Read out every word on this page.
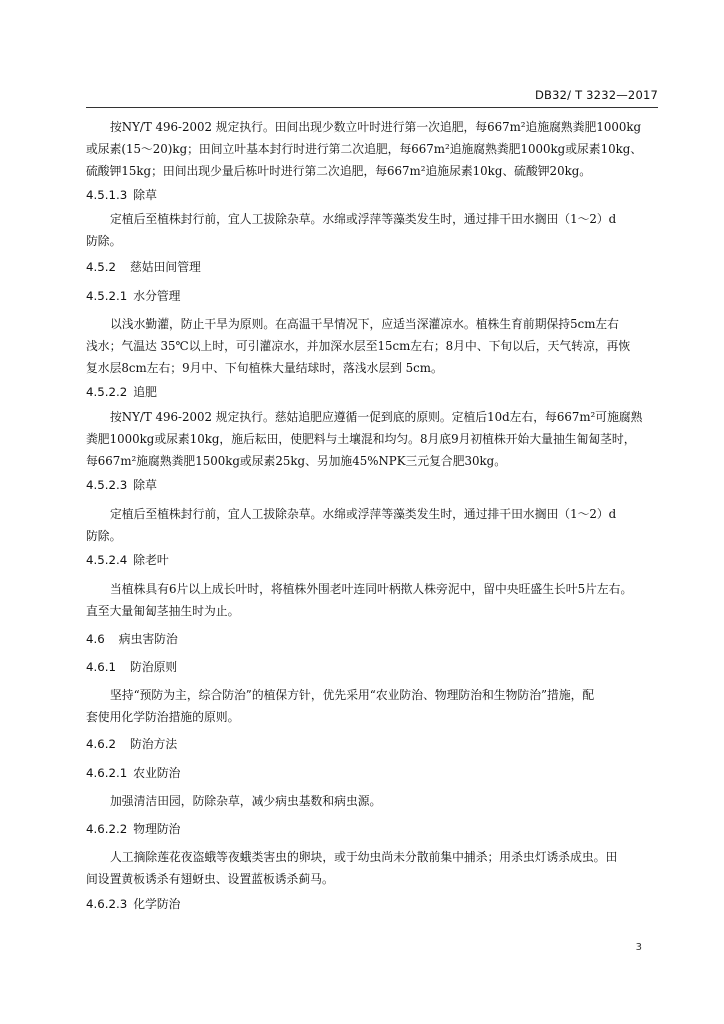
DB32/ T 3232—2017
按NY/T 496-2002 规定执行。田间出现少数立叶时进行第一次追肥，每667m²追施腐熟粪肥1000kg
或尿素(15～20)kg；田间立叶基本封行时进行第二次追肥，每667m²追施腐熟粪肥1000kg或尿素10kg、
硫酸钾15kg；田间出现少量后栋叶时进行第二次追肥，每667m²追施尿素10kg、硫酸钾20kg。
4.5.1.3 除草
定植后至植株封行前，宜人工拔除杂草。水绵或浮萍等藻类发生时，通过排干田水搁田（1～2）d
防除。
4.5.2 慈姑田间管理
4.5.2.1 水分管理
以浅水勤灌，防止干旱为原则。在高温干旱情况下，应适当深灌凉水。植株生育前期保持5cm左右
浅水；气温达 35℃以上时，可引灌凉水，并加深水层至15cm左右；8月中、下旬以后，天气转凉，再恢
复水层8cm左右；9月中、下旬植株大量结球时，落浅水层到 5cm。
4.5.2.2 追肥
按NY/T 496-2002 规定执行。慈姑追肥应遵循一促到底的原则。定植后10d左右，每667m²可施腐熟
粪肥1000kg或尿素10kg，施后耘田，使肥料与土壤混和均匀。8月底9月初植株开始大量抽生匍匐茎时，
每667m²施腐熟粪肥1500kg或尿素25kg、另加施45%NPK三元复合肥30kg。
4.5.2.3 除草
定植后至植株封行前，宜人工拔除杂草。水绵或浮萍等藻类发生时，通过排干田水搁田（1～2）d
防除。
4.5.2.4 除老叶
当植株具有6片以上成长叶时，将植株外围老叶连同叶柄揿人株旁泥中，留中央旺盛生长叶5片左右。
直至大量匍匐茎抽生时为止。
4.6 病虫害防治
4.6.1 防治原则
坚持“预防为主，综合防治”的植保方针，优先采用“农业防治、物理防治和生物防治”措施，配
套使用化学防治措施的原则。
4.6.2 防治方法
4.6.2.1 农业防治
加强清洁田园，防除杂草，减少病虫基数和病虫源。
4.6.2.2 物理防治
人工摘除莲花夜盗蛾等夜蛾类害虫的卵块，或于幼虫尚未分散前集中捕杀；用杀虫灯诱杀成虫。田
间设置黄板诱杀有翅蚜虫、设置蓝板诱杀蓟马。
4.6.2.3 化学防治
3
